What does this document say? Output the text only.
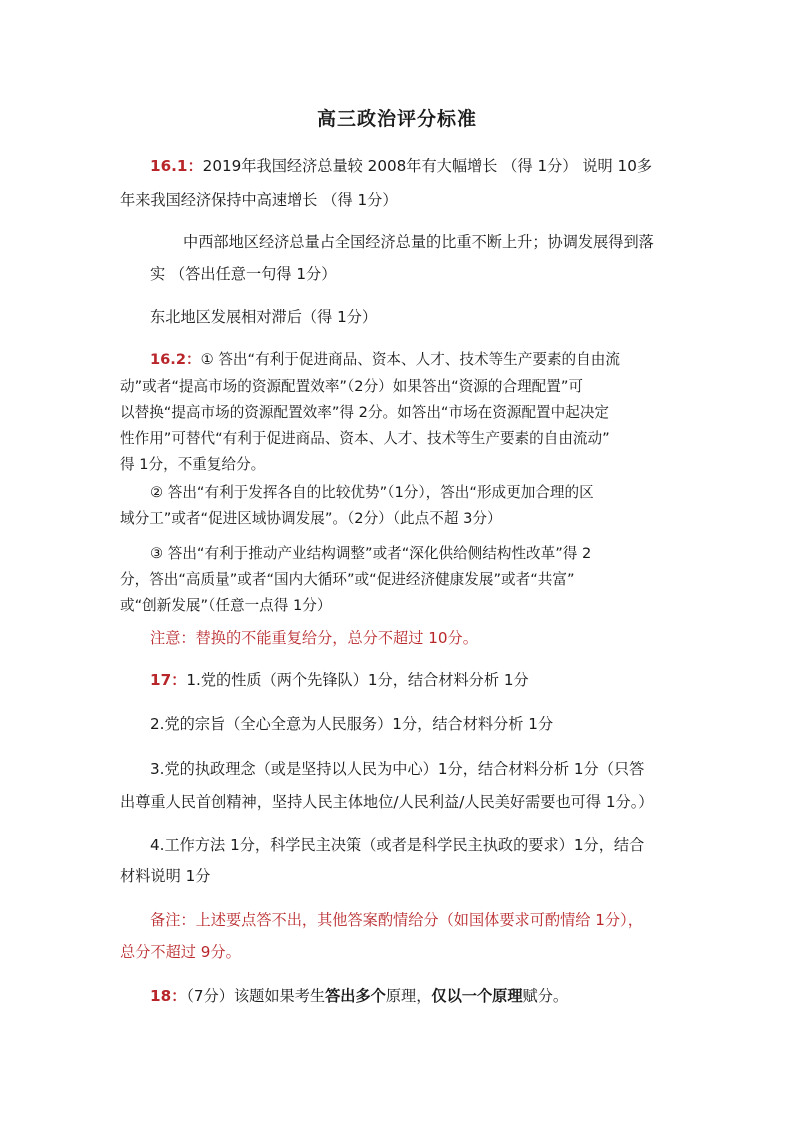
高三政治评分标准
16.1：2019年我国经济总量较 2008年有大幅增长 （得 1分） 说明 10多
年来我国经济保持中高速增长 （得 1分）
中西部地区经济总量占全国经济总量的比重不断上升；协调发展得到落
实 （答出任意一句得 1分）
东北地区发展相对滞后（得 1分）
16.2：① 答出“有利于促进商品、资本、人才、技术等生产要素的自由流
动”或者“提高市场的资源配置效率”（2分）如果答出“资源的合理配置”可
以替换“提高市场的资源配置效率”得 2分。如答出“市场在资源配置中起决定
性作用”可替代“有利于促进商品、资本、人才、技术等生产要素的自由流动”
得 1分，不重复给分。
② 答出“有利于发挥各自的比较优势”（1分），答出“形成更加合理的区
域分工”或者“促进区域协调发展”。（2分）（此点不超 3分）
③ 答出“有利于推动产业结构调整”或者“深化供给侧结构性改革”得 2
分，答出“高质量”或者“国内大循环”或“促进经济健康发展”或者“共富”
或“创新发展”（任意一点得 1分）
注意：替换的不能重复给分，总分不超过 10分。
17：1.党的性质（两个先锋队）1分，结合材料分析 1分
2.党的宗旨（全心全意为人民服务）1分，结合材料分析 1分
3.党的执政理念（或是坚持以人民为中心）1分，结合材料分析 1分（只答
出尊重人民首创精神，坚持人民主体地位/人民利益/人民美好需要也可得 1分。）
4.工作方法 1分，科学民主决策（或者是科学民主执政的要求）1分，结合
材料说明 1分
备注：上述要点答不出，其他答案酌情给分（如国体要求可酌情给 1分），
总分不超过 9分。
18：（7分）该题如果考生答出多个原理，仅以一个原理赋分。
